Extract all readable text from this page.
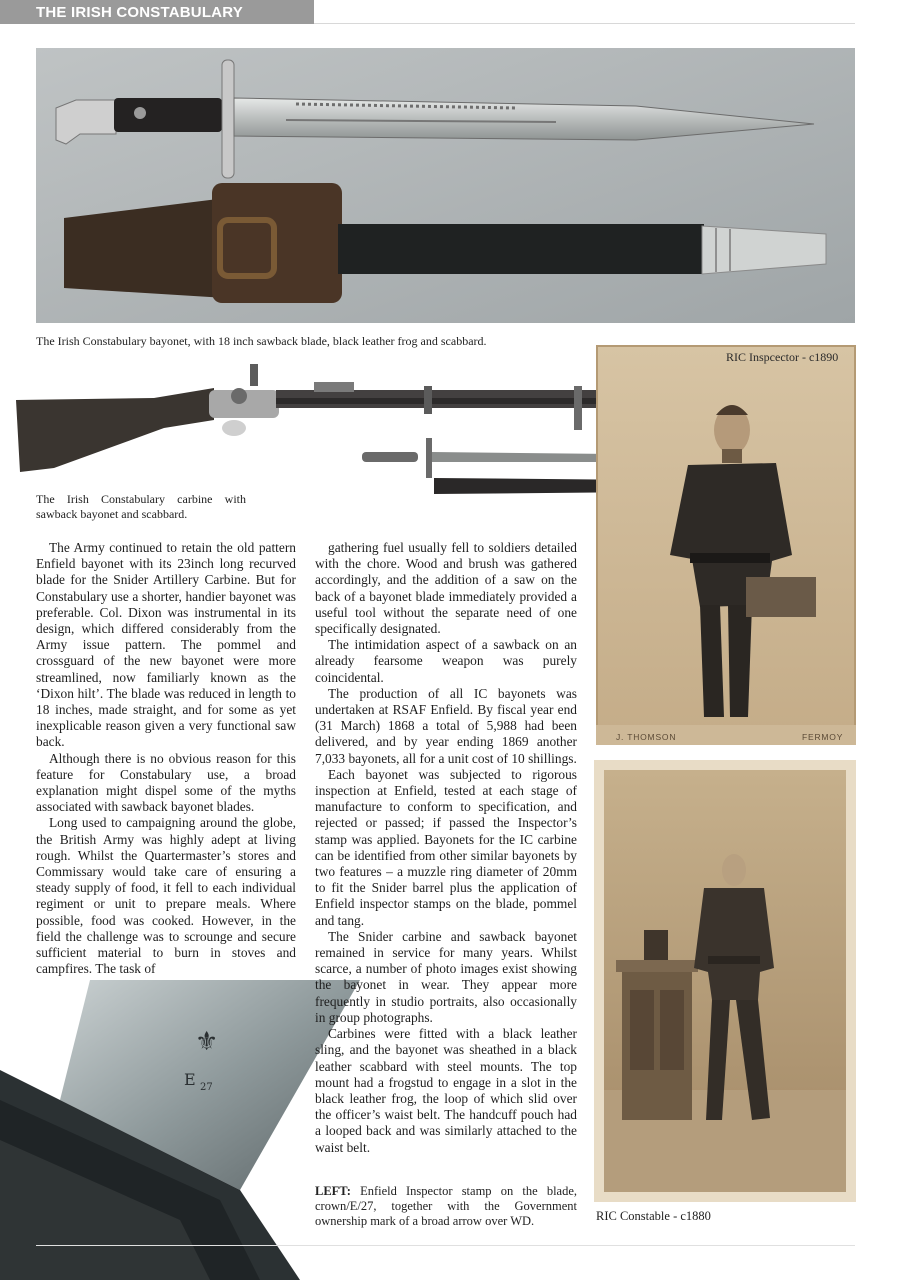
THE IRISH CONSTABULARY
The Irish Constabulary bayonet, with 18 inch sawback blade, black leather frog and scabbard.
The Irish Constabulary carbine with sawback bayonet and scabbard.
RIC Inspcector - c1890
J. THOMSON	FERMOY
RIC Constable - c1880
⚜
E 27

The Army continued to retain the old pattern Enfield bayonet with its 23inch long recurved blade for the Snider Artillery Carbine. But for Constabulary use a shorter, handier bayonet was preferable. Col. Dixon was instrumental in its design, which differed considerably from the Army issue pattern. The pommel and crossguard of the new bayonet were more streamlined, now familiarly known as the ‘Dixon hilt’. The blade was reduced in length to 18 inches, made straight, and for some as yet inexplicable reason given a very functional saw back.

Although there is no obvious reason for this feature for Constabulary use, a broad explanation might dispel some of the myths associated with sawback bayonet blades.

Long used to campaigning around the globe, the British Army was highly adept at living rough. Whilst the Quartermaster’s stores and Commissary would take care of ensuring a steady supply of food, it fell to each individual regiment or unit to prepare meals. Where possible, food was cooked. However, in the field the challenge was to scrounge and secure sufficient material to burn in stoves and campfires. The task of

gathering fuel usually fell to soldiers detailed with the chore. Wood and brush was gathered accordingly, and the addition of a saw on the back of a bayonet blade immediately provided a useful tool without the separate need of one specifically designated.

The intimidation aspect of a sawback on an already fearsome weapon was purely coincidental.

The production of all IC bayonets was undertaken at RSAF Enfield. By fiscal year end (31 March) 1868 a total of 5,988 had been delivered, and by year ending 1869 another 7,033 bayonets, all for a unit cost of 10 shillings.

Each bayonet was subjected to rigorous inspection at Enfield, tested at each stage of manufacture to conform to specification, and rejected or passed; if passed the Inspector’s stamp was applied. Bayonets for the IC carbine can be identified from other similar bayonets by two features – a muzzle ring diameter of 20mm to fit the Snider barrel plus the application of Enfield inspector stamps on the blade, pommel and tang.

The Snider carbine and sawback bayonet remained in service for many years. Whilst scarce, a number of photo images exist showing the bayonet in wear. They appear more frequently in studio portraits, also occasionally in group photographs.

Carbines were fitted with a black leather sling, and the bayonet was sheathed in a black leather scabbard with steel mounts. The top mount had a frogstud to engage in a slot in the black leather frog, the loop of which slid over the officer’s waist belt. The handcuff pouch had a looped back and was similarly attached to the waist belt.

LEFT: Enfield Inspector stamp on the blade, crown/E/27, together with the Government ownership mark of a broad arrow over WD.
